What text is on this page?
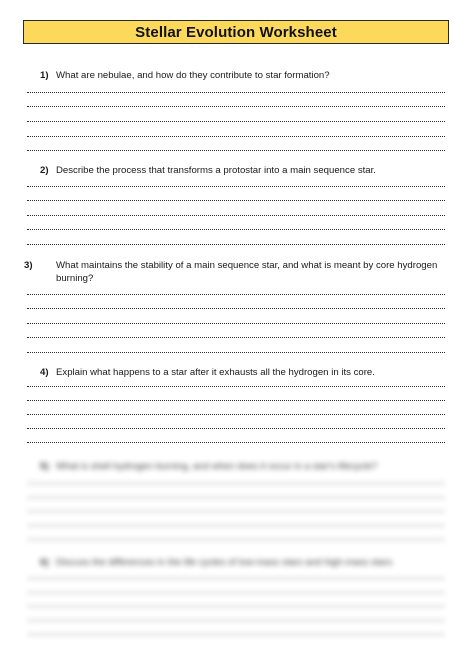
Stellar Evolution Worksheet
1) What are nebulae, and how do they contribute to star formation?
2) Describe the process that transforms a protostar into a main sequence star.
3) What maintains the stability of a main sequence star, and what is meant by core hydrogen burning?
4) Explain what happens to a star after it exhausts all the hydrogen in its core.
5) What is shell hydrogen burning, and when does it occur in a star's lifecycle?
6) Discuss the differences in the life cycles of low-mass stars and high-mass stars.
